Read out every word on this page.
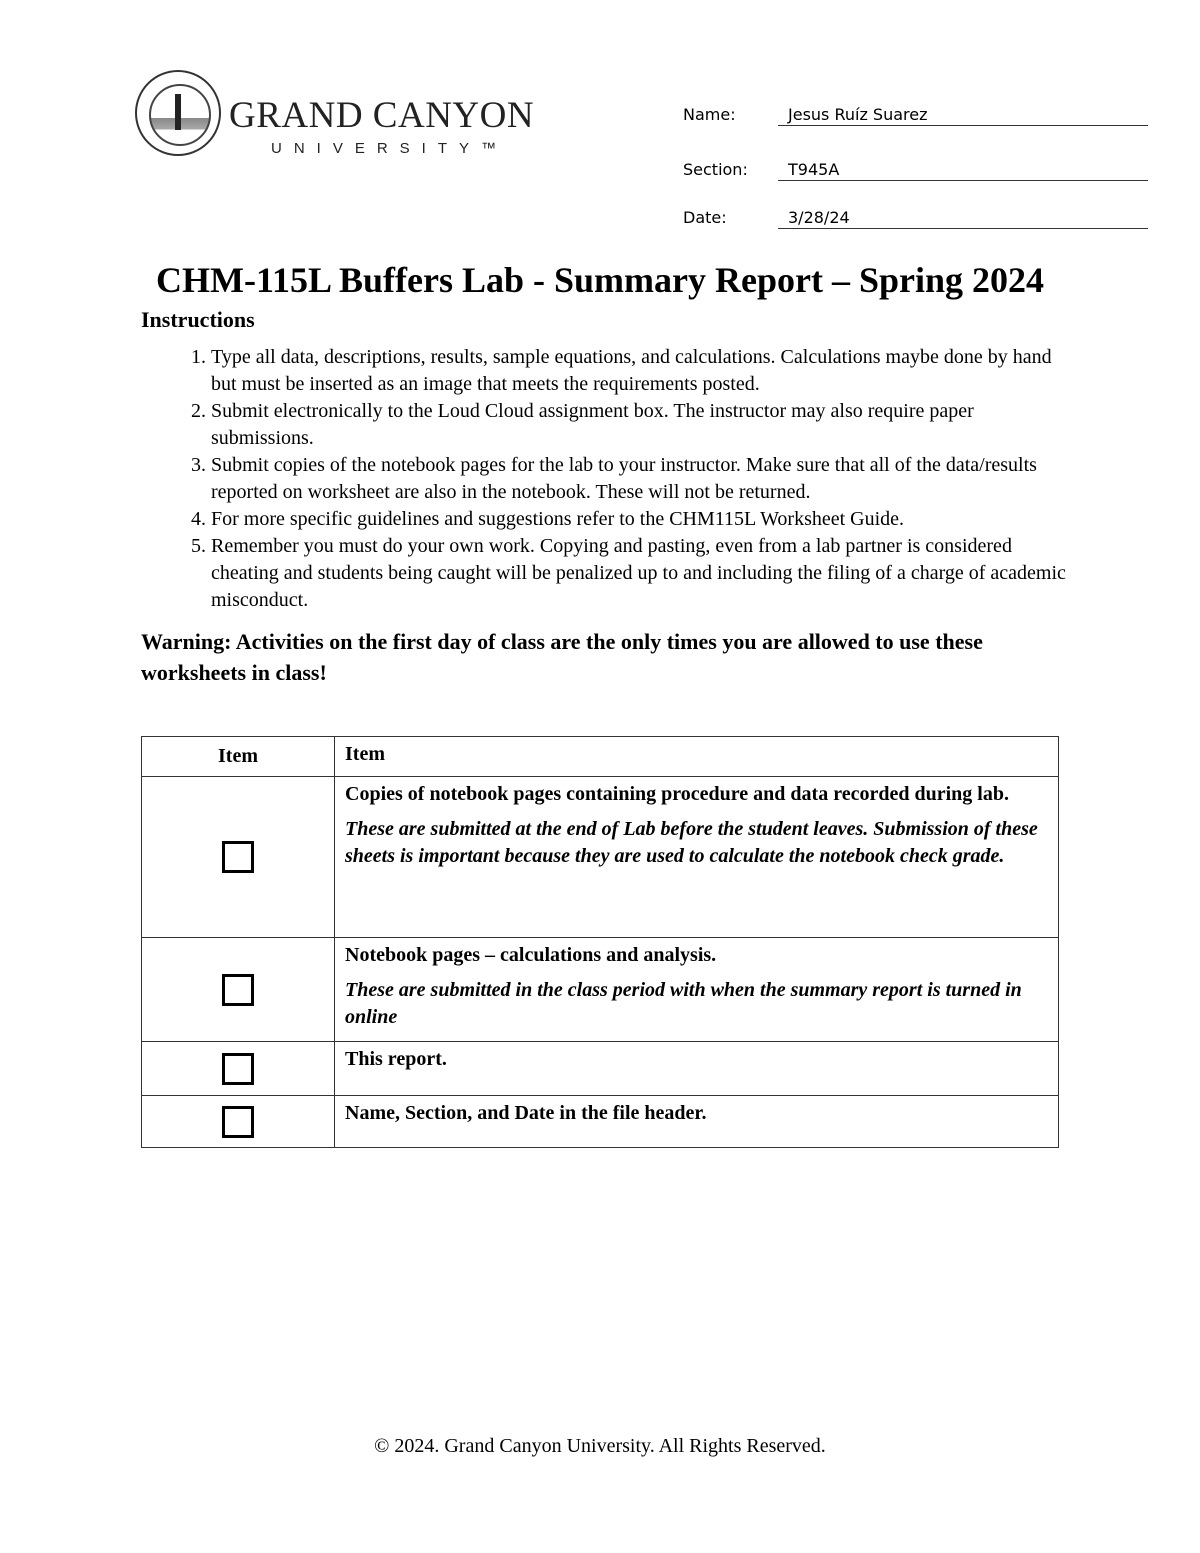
GRAND CANYON
UNIVERSITY™
Name:	Jesus Ruíz Suarez
Section:	T945A
Date:	3/28/24
CHM-115L Buffers Lab - Summary Report – Spring 2024
Instructions
1. Type all data, descriptions, results, sample equations, and calculations. Calculations maybe done by hand but must be inserted as an image that meets the requirements posted.
2. Submit electronically to the Loud Cloud assignment box. The instructor may also require paper submissions.
3. Submit copies of the notebook pages for the lab to your instructor. Make sure that all of the data/results reported on worksheet are also in the notebook. These will not be returned.
4. For more specific guidelines and suggestions refer to the CHM115L Worksheet Guide.
5. Remember you must do your own work. Copying and pasting, even from a lab partner is considered cheating and students being caught will be penalized up to and including the filing of a charge of academic misconduct.
Warning: Activities on the first day of class are the only times you are allowed to use these worksheets in class!
Item	Item

	Copies of notebook pages containing procedure and data recorded during lab.
These are submitted at the end of Lab before the student leaves. Submission of these sheets is important because they are used to calculate the notebook check grade.

	Notebook pages – calculations and analysis.
These are submitted in the class period with when the summary report is turned in online

	This report.

	Name, Section, and Date in the file header.
© 2024. Grand Canyon University. All Rights Reserved.
